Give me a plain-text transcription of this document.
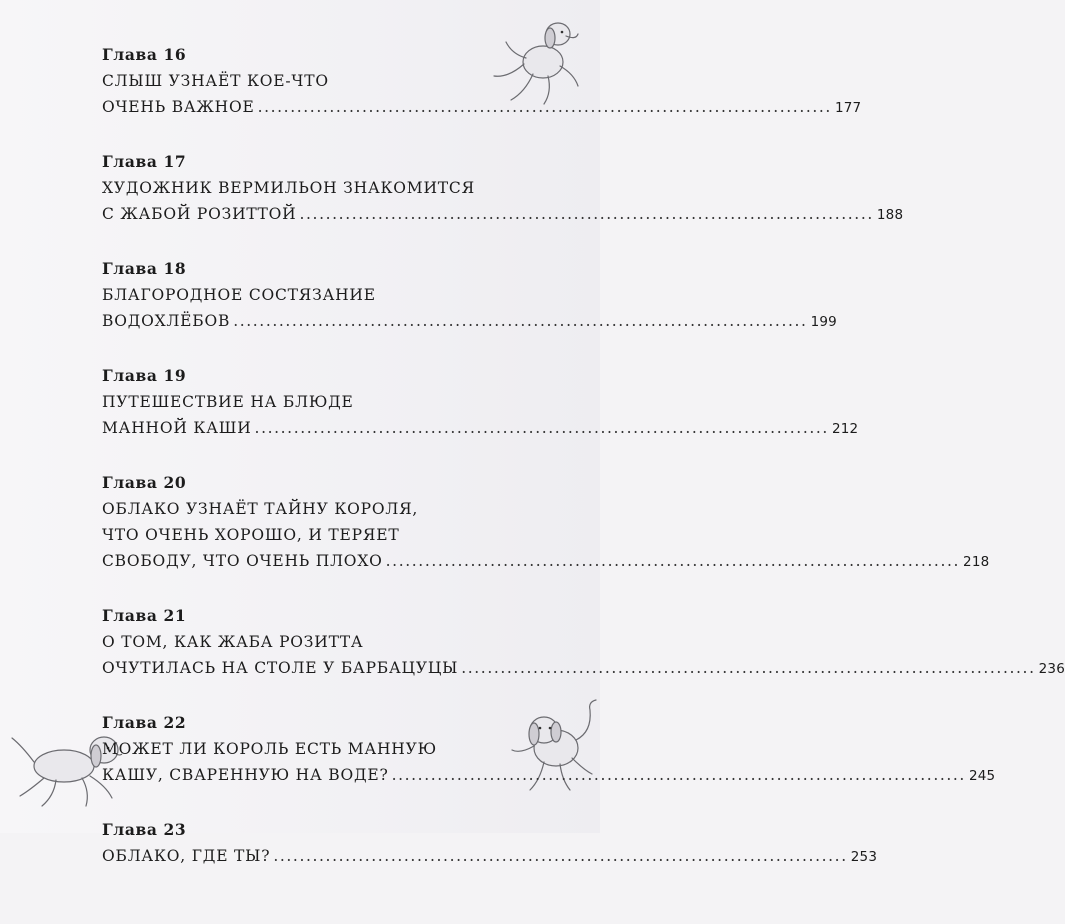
Глава 16
СЛЫШ УЗНАЁТ КОЕ-ЧТО
ОЧЕНЬ ВАЖНОЕ ........................................................................................ 177
Глава 17
ХУДОЖНИК ВЕРМИЛЬОН ЗНАКОМИТСЯ
С ЖАБОЙ РОЗИТТОЙ ........................................................................................ 188
Глава 18
БЛАГОРОДНОЕ СОСТЯЗАНИЕ
ВОДОХЛЁБОВ ........................................................................................ 199
Глава 19
ПУТЕШЕСТВИЕ НА БЛЮДЕ
МАННОЙ КАШИ ........................................................................................ 212
Глава 20
ОБЛАКО УЗНАЁТ ТАЙНУ КОРОЛЯ,
ЧТО ОЧЕНЬ ХОРОШО, И ТЕРЯЕТ
СВОБОДУ, ЧТО ОЧЕНЬ ПЛОХО ........................................................................................ 218
Глава 21
О ТОМ, КАК ЖАБА РОЗИТТА
ОЧУТИЛАСЬ НА СТОЛЕ У БАРБАЦУЦЫ ........................................................................................ 236
Глава 22
МОЖЕТ ЛИ КОРОЛЬ ЕСТЬ МАННУЮ
КАШУ, СВАРЕННУЮ НА ВОДЕ? ........................................................................................ 245
Глава 23
ОБЛАКО, ГДЕ ТЫ? ........................................................................................ 253
